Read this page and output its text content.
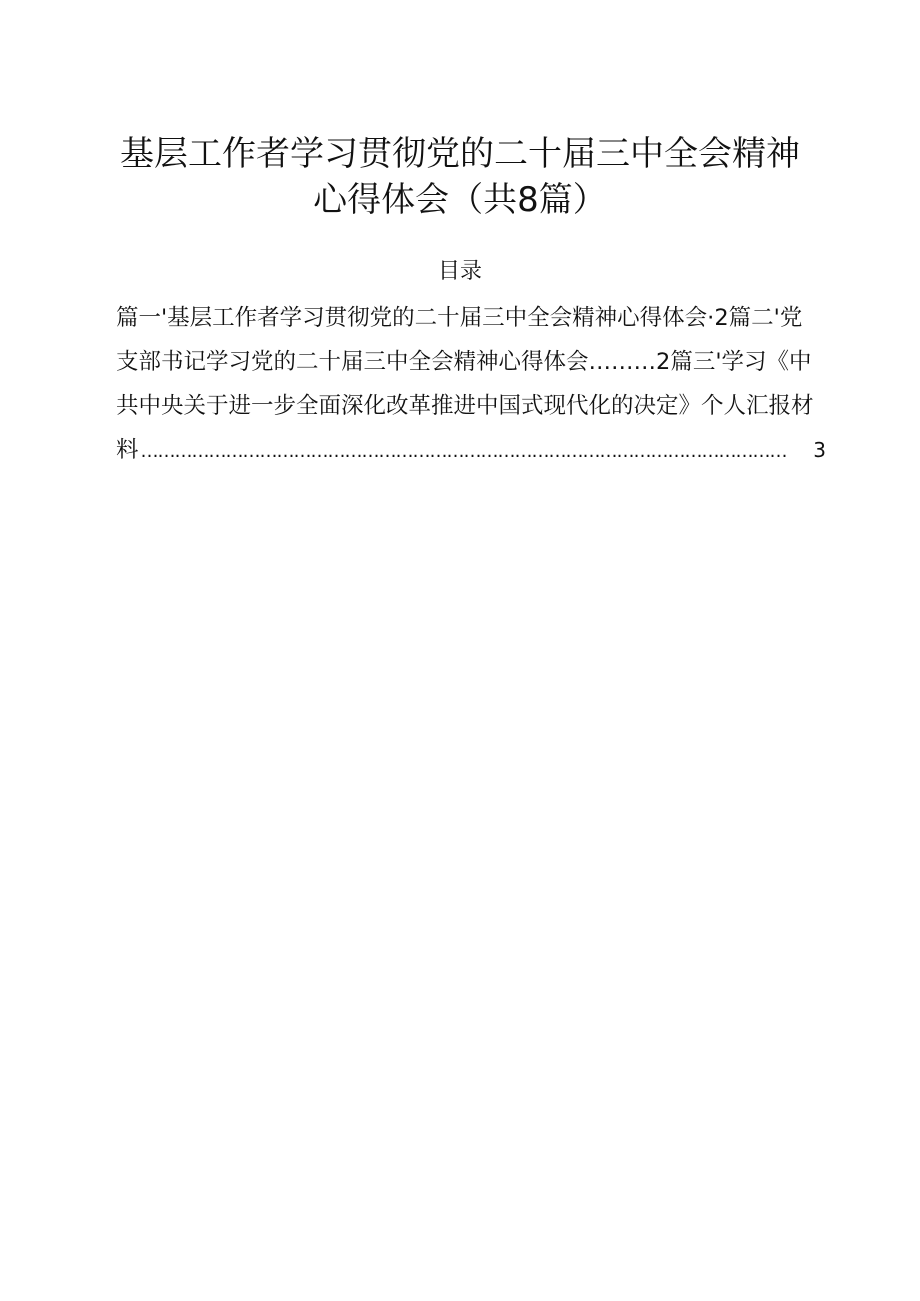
基层工作者学习贯彻党的二十届三中全会精神
心得体会（共8篇）
目录
篇一'基层工作者学习贯彻党的二十届三中全会精神心得体会·2篇二'党
支部书记学习党的二十届三中全会精神心得体会………2篇三'学习《中
共中央关于进一步全面深化改革推进中国式现代化的决定》个人汇报材
料 ……………………………………………………………………………………………………	3
